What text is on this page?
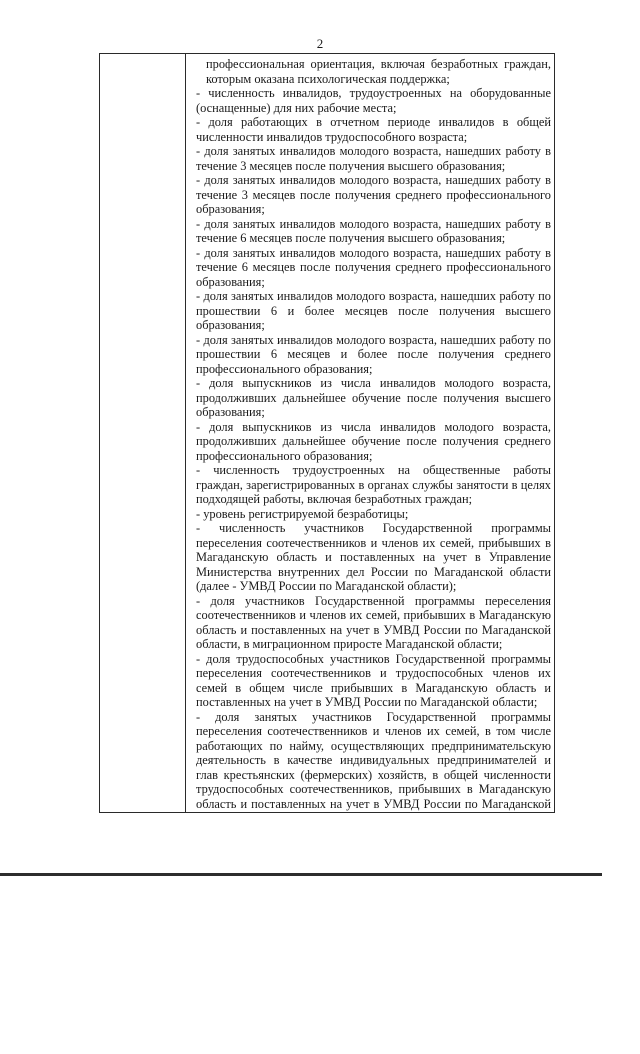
2
профессиональная ориентация, включая безработных граждан,
которым оказана психологическая поддержка;
- численность инвалидов, трудоустроенных на оборудованные
(оснащенные) для них рабочие места;
- доля работающих в отчетном периоде инвалидов в общей
численности инвалидов трудоспособного возраста;
- доля занятых инвалидов молодого возраста, нашедших работу в
течение 3 месяцев после получения высшего образования;
- доля занятых инвалидов молодого возраста, нашедших работу в
течение 3 месяцев после получения среднего профессионального
образования;
- доля занятых инвалидов молодого возраста, нашедших работу в
течение 6 месяцев после получения высшего образования;
- доля занятых инвалидов молодого возраста, нашедших работу в
течение 6 месяцев после получения среднего профессионального
образования;
- доля занятых инвалидов молодого возраста, нашедших работу по
прошествии 6 и более месяцев после получения высшего
образования;
- доля занятых инвалидов молодого возраста, нашедших работу по
прошествии 6 месяцев и более после получения среднего
профессионального образования;
- доля выпускников из числа инвалидов молодого возраста,
продолживших дальнейшее обучение после получения высшего
образования;
- доля выпускников из числа инвалидов молодого возраста,
продолживших дальнейшее обучение после получения среднего
профессионального образования;
- численность трудоустроенных на общественные работы
граждан, зарегистрированных в органах службы занятости в целях
подходящей работы, включая безработных граждан;
- уровень регистрируемой безработицы;
- численность участников Государственной программы
переселения соотечественников и членов их семей, прибывших в
Магаданскую область и поставленных на учет в Управление
Министерства внутренних дел России по Магаданской области
(далее - УМВД России по Магаданской области);
- доля участников Государственной программы переселения
соотечественников и членов их семей, прибывших в Магаданскую
область и поставленных на учет в УМВД России по Магаданской
области, в миграционном приросте Магаданской области;
- доля трудоспособных участников Государственной программы
переселения соотечественников и трудоспособных членов их
семей в общем числе прибывших в Магаданскую область и
поставленных на учет в УМВД России по Магаданской области;
- доля занятых участников Государственной программы
переселения соотечественников и членов их семей, в том числе
работающих по найму, осуществляющих предпринимательскую
деятельность в качестве индивидуальных предпринимателей и
глав крестьянских (фермерских) хозяйств, в общей численности
трудоспособных соотечественников, прибывших в Магаданскую
область и поставленных на учет в УМВД России по Магаданской
